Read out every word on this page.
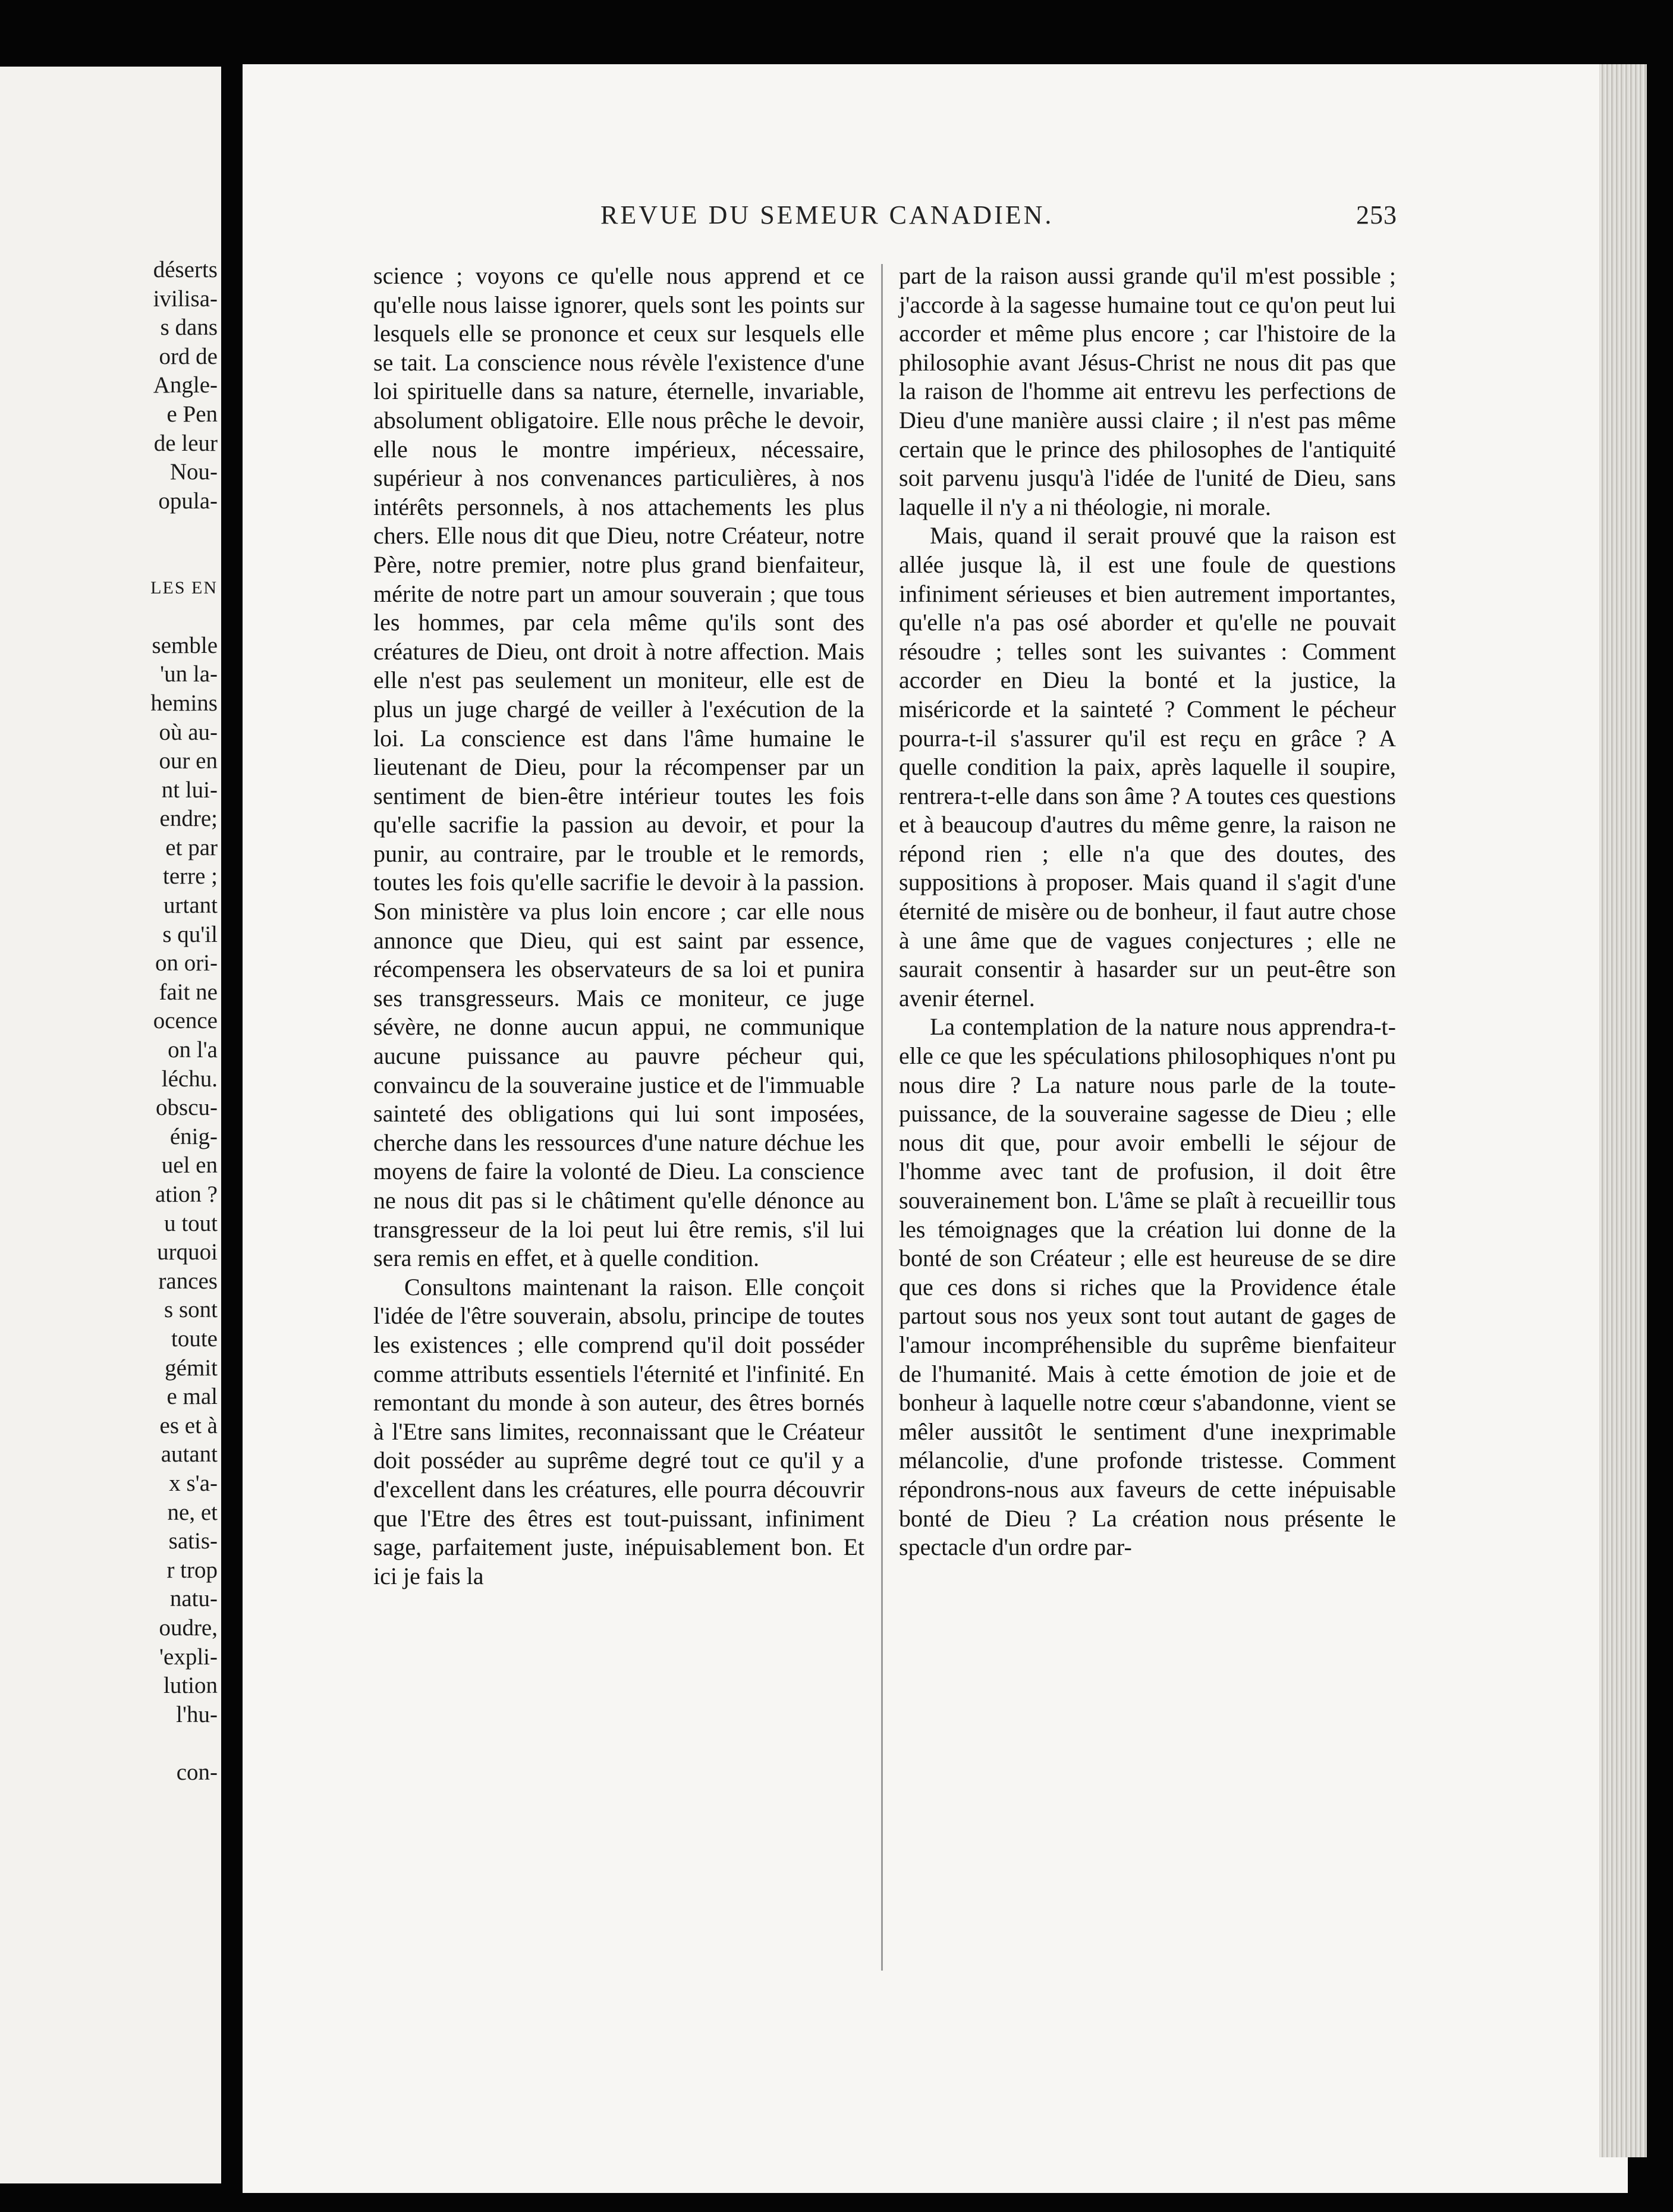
déserts
ivilisa-
s dans
ord de
Angle-
e Pen
de leur
Nou-
opula-
LES EN
semble
'un la-
hemins
où au-
our en
nt lui-
endre;
et par
terre ;
urtant
s qu'il
on ori-
fait ne
ocence
on l'a
léchu.
obscu-
énig-
uel en
ation ?
u tout
urquoi
rances
s sont
toute
gémit
e mal
es et à
autant
x s'a-
ne, et
satis-
r trop
natu-
oudre,
'expli-
lution
l'hu-
con-
REVUE DU SEMEUR CANADIEN.	253

science ; voyons ce qu'elle nous apprend et ce qu'elle nous laisse ignorer, quels sont les points sur lesquels elle se prononce et ceux sur lesquels elle se tait. La conscience nous révèle l'existence d'une loi spirituelle dans sa nature, éternelle, invariable, absolument obligatoire. Elle nous prêche le devoir, elle nous le montre impérieux, nécessaire, supérieur à nos convenances particulières, à nos intérêts personnels, à nos attachements les plus chers. Elle nous dit que Dieu, notre Créateur, notre Père, notre premier, notre plus grand bienfaiteur, mérite de notre part un amour souverain ; que tous les hommes, par cela même qu'ils sont des créatures de Dieu, ont droit à notre affection. Mais elle n'est pas seulement un moniteur, elle est de plus un juge chargé de veiller à l'exécution de la loi. La conscience est dans l'âme humaine le lieutenant de Dieu, pour la récompenser par un sentiment de bien-être intérieur toutes les fois qu'elle sacrifie la passion au devoir, et pour la punir, au contraire, par le trouble et le remords, toutes les fois qu'elle sacrifie le devoir à la passion. Son ministère va plus loin encore ; car elle nous annonce que Dieu, qui est saint par essence, récompensera les observateurs de sa loi et punira ses transgresseurs. Mais ce moniteur, ce juge sévère, ne donne aucun appui, ne communique aucune puissance au pauvre pécheur qui, convaincu de la souveraine justice et de l'immuable sainteté des obligations qui lui sont imposées, cherche dans les ressources d'une nature déchue les moyens de faire la volonté de Dieu. La conscience ne nous dit pas si le châtiment qu'elle dénonce au transgresseur de la loi peut lui être remis, s'il lui sera remis en effet, et à quelle condition.

Consultons maintenant la raison. Elle conçoit l'idée de l'être souverain, absolu, principe de toutes les existences ; elle comprend qu'il doit posséder comme attributs essentiels l'éternité et l'infinité. En remontant du monde à son auteur, des êtres bornés à l'Etre sans limites, reconnaissant que le Créateur doit posséder au suprême degré tout ce qu'il y a d'excellent dans les créatures, elle pourra découvrir que l'Etre des êtres est tout-puissant, infiniment sage, parfaitement juste, inépuisablement bon. Et ici je fais la

part de la raison aussi grande qu'il m'est possible ; j'accorde à la sagesse humaine tout ce qu'on peut lui accorder et même plus encore ; car l'histoire de la philosophie avant Jésus-Christ ne nous dit pas que la raison de l'homme ait entrevu les perfections de Dieu d'une manière aussi claire ; il n'est pas même certain que le prince des philosophes de l'antiquité soit parvenu jusqu'à l'idée de l'unité de Dieu, sans laquelle il n'y a ni théologie, ni morale.

Mais, quand il serait prouvé que la raison est allée jusque là, il est une foule de questions infiniment sérieuses et bien autrement importantes, qu'elle n'a pas osé aborder et qu'elle ne pouvait résoudre ; telles sont les suivantes : Comment accorder en Dieu la bonté et la justice, la miséricorde et la sainteté ? Comment le pécheur pourra-t-il s'assurer qu'il est reçu en grâce ? A quelle condition la paix, après laquelle il soupire, rentrera-t-elle dans son âme ? A toutes ces questions et à beaucoup d'autres du même genre, la raison ne répond rien ; elle n'a que des doutes, des suppositions à proposer. Mais quand il s'agit d'une éternité de misère ou de bonheur, il faut autre chose à une âme que de vagues conjectures ; elle ne saurait consentir à hasarder sur un peut-être son avenir éternel.

La contemplation de la nature nous apprendra-t-elle ce que les spéculations philosophiques n'ont pu nous dire ? La nature nous parle de la toute-puissance, de la souveraine sagesse de Dieu ; elle nous dit que, pour avoir embelli le séjour de l'homme avec tant de profusion, il doit être souverainement bon. L'âme se plaît à recueillir tous les témoignages que la création lui donne de la bonté de son Créateur ; elle est heureuse de se dire que ces dons si riches que la Providence étale partout sous nos yeux sont tout autant de gages de l'amour incompréhensible du suprême bienfaiteur de l'humanité. Mais à cette émotion de joie et de bonheur à laquelle notre cœur s'abandonne, vient se mêler aussitôt le sentiment d'une inexprimable mélancolie, d'une profonde tristesse. Comment répondrons-nous aux faveurs de cette inépuisable bonté de Dieu ? La création nous présente le spectacle d'un ordre par-
